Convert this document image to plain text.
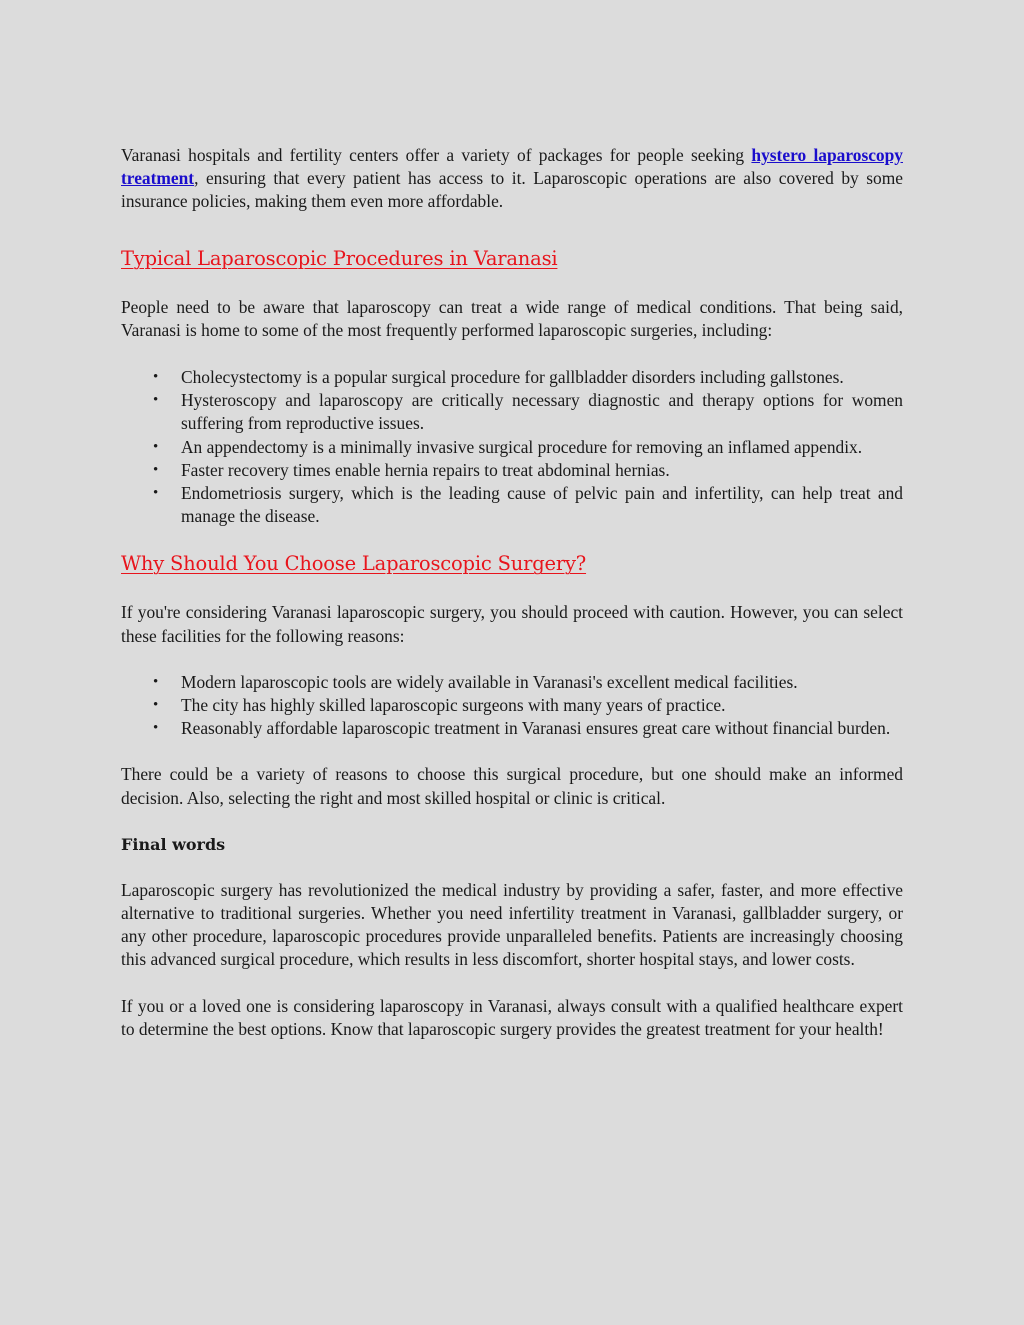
Varanasi hospitals and fertility centers offer a variety of packages for people seeking hystero laparoscopy treatment, ensuring that every patient has access to it. Laparoscopic operations are also covered by some insurance policies, making them even more affordable.

Typical Laparoscopic Procedures in Varanasi

People need to be aware that laparoscopy can treat a wide range of medical conditions. That being said, Varanasi is home to some of the most frequently performed laparoscopic surgeries, including:

• Cholecystectomy is a popular surgical procedure for gallbladder disorders including gallstones.
• Hysteroscopy and laparoscopy are critically necessary diagnostic and therapy options for women suffering from reproductive issues.
• An appendectomy is a minimally invasive surgical procedure for removing an inflamed appendix.
• Faster recovery times enable hernia repairs to treat abdominal hernias.
• Endometriosis surgery, which is the leading cause of pelvic pain and infertility, can help treat and manage the disease.
Why Should You Choose Laparoscopic Surgery?

If you're considering Varanasi laparoscopic surgery, you should proceed with caution. However, you can select these facilities for the following reasons:

• Modern laparoscopic tools are widely available in Varanasi's excellent medical facilities.
• The city has highly skilled laparoscopic surgeons with many years of practice.
• Reasonably affordable laparoscopic treatment in Varanasi ensures great care without financial burden.

There could be a variety of reasons to choose this surgical procedure, but one should make an informed decision. Also, selecting the right and most skilled hospital or clinic is critical.

Final words

Laparoscopic surgery has revolutionized the medical industry by providing a safer, faster, and more effective alternative to traditional surgeries. Whether you need infertility treatment in Varanasi, gallbladder surgery, or any other procedure, laparoscopic procedures provide unparalleled benefits. Patients are increasingly choosing this advanced surgical procedure, which results in less discomfort, shorter hospital stays, and lower costs.

If you or a loved one is considering laparoscopy in Varanasi, always consult with a qualified healthcare expert to determine the best options. Know that laparoscopic surgery provides the greatest treatment for your health!
